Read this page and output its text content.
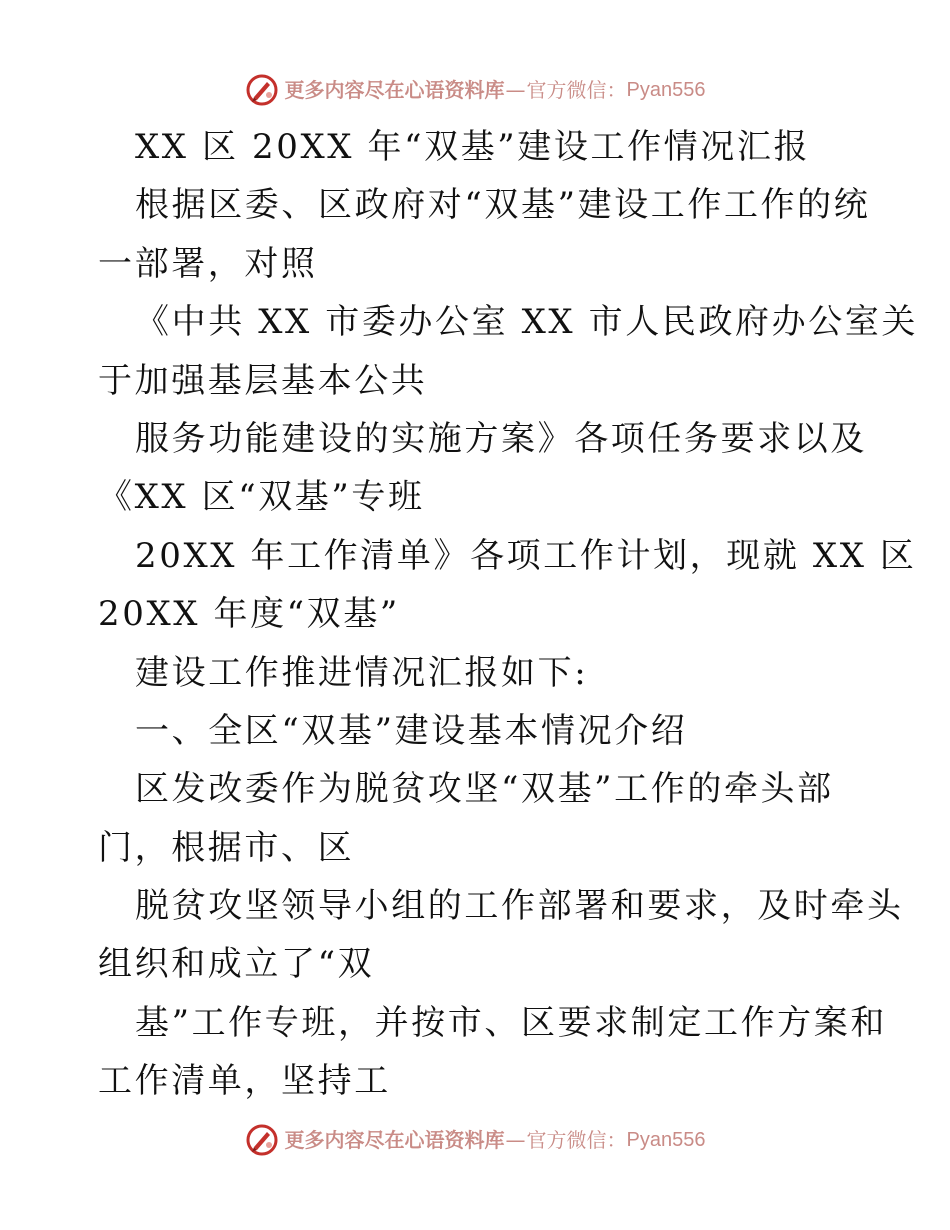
更多内容尽在心语资料库 — 官方微信： Pyan556
XX 区 20XX 年“双基”建设工作情况汇报
根据区委、区政府对“双基”建设工作工作的统
一部署，对照
《中共 XX 市委办公室 XX 市人民政府办公室关
于加强基层基本公共
服务功能建设的实施方案》各项任务要求以及
《XX 区“双基”专班
20XX 年工作清单》各项工作计划，现就 XX 区
20XX 年度“双基”
建设工作推进情况汇报如下:
一、全区“双基”建设基本情况介绍
区发改委作为脱贫攻坚“双基”工作的牵头部
门，根据市、区
脱贫攻坚领导小组的工作部署和要求，及时牵头
组织和成立了“双
基”工作专班，并按市、区要求制定工作方案和
工作清单，坚持工
更多内容尽在心语资料库 — 官方微信： Pyan556
